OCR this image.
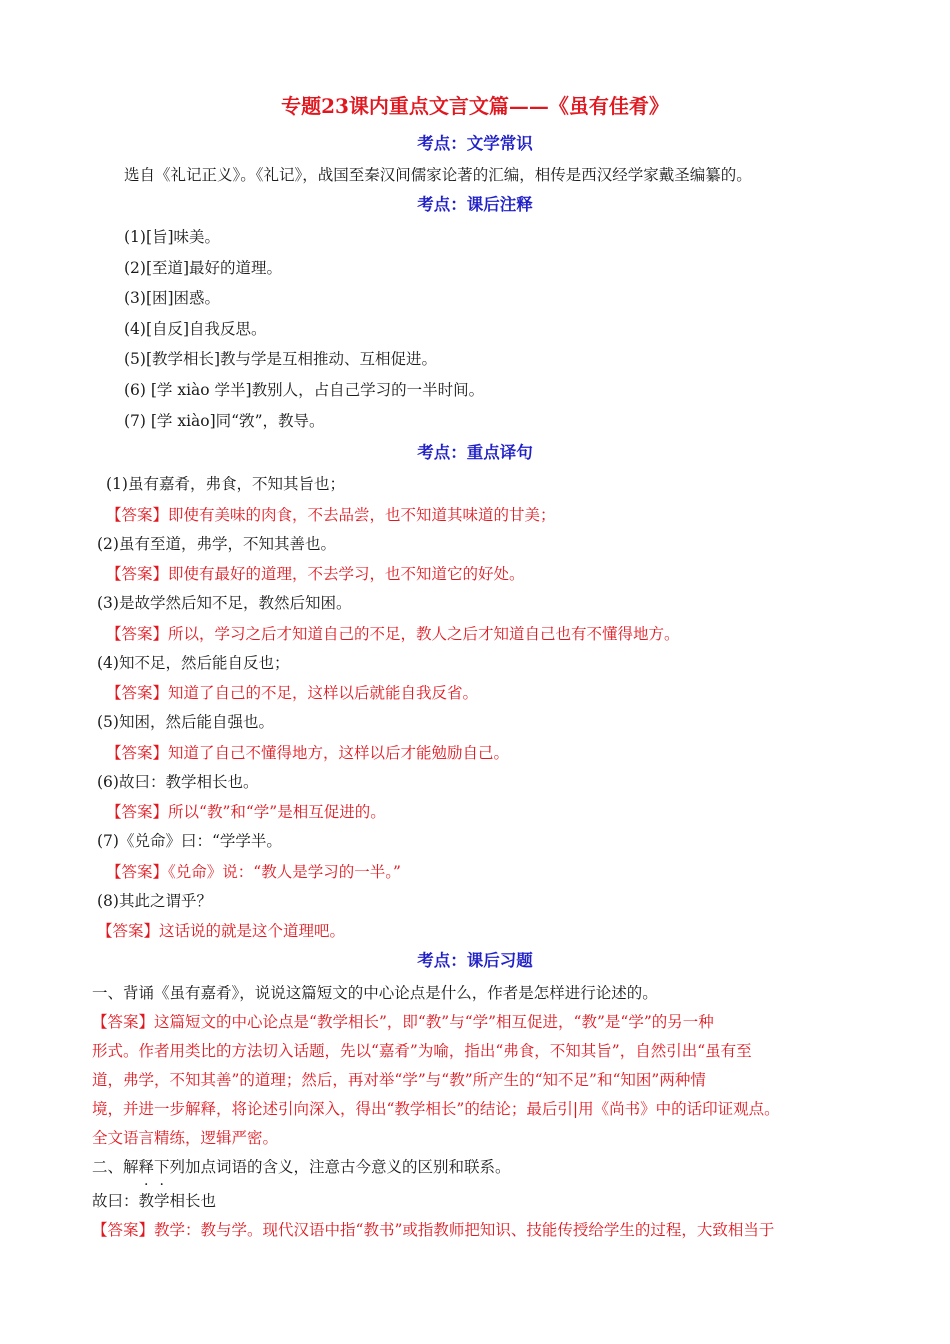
专题23课内重点文言文篇——《虽有佳肴》
考点：文学常识
选自《礼记正义》。《礼记》，战国至秦汉间儒家论著的汇编，相传是西汉经学家戴圣编纂的。
考点：课后注释
(1)[旨]味美。
(2)[至道]最好的道理。
(3)[困]困惑。
(4)[自反]自我反思。
(5)[教学相长]教与学是互相推动、互相促进。
(6) [学 xiào 学半]教别人，占自己学习的一半时间。
(7) [学 xiào]同“敩”，教导。
考点：重点译句
(1)虽有嘉肴，弗食，不知其旨也；
【答案】即使有美味的肉食，不去品尝，也不知道其味道的甘美；
(2)虽有至道，弗学，不知其善也。
【答案】即使有最好的道理，不去学习，也不知道它的好处。
(3)是故学然后知不足，教然后知困。
【答案】所以，学习之后才知道自己的不足，教人之后才知道自己也有不懂得地方。
(4)知不足，然后能自反也；
【答案】知道了自己的不足，这样以后就能自我反省。
(5)知困，然后能自强也。
【答案】知道了自己不懂得地方，这样以后才能勉励自己。
(6)故曰：教学相长也。
【答案】所以“教”和“学”是相互促进的。
(7)《兑命》曰：“学学半。
【答案】《兑命》说：“教人是学习的一半。”
(8)其此之谓乎？
【答案】这话说的就是这个道理吧。
考点：课后习题
一、背诵《虽有嘉肴》，说说这篇短文的中心论点是什么，作者是怎样进行论述的。
【答案】这篇短文的中心论点是“教学相长”，即“教”与“学”相互促进，“教”是“学”的另一种
形式。作者用类比的方法切入话题，先以“嘉肴”为喻，指出“弗食，不知其旨”，自然引出“虽有至
道，弗学，不知其善”的道理；然后，再对举“学”与“教”所产生的“知不足”和“知困”两种情
境，并进一步解释，将论述引向深入，得出“教学相长”的结论；最后引|用《尚书》中的话印证观点。
全文语言精练，逻辑严密。
二、解释下列加点词语的含义，注意古今意义的区别和联系。
故曰：教学相长也
【答案】教学：教与学。现代汉语中指“教书”或指教师把知识、技能传授给学生的过程，大致相当于
